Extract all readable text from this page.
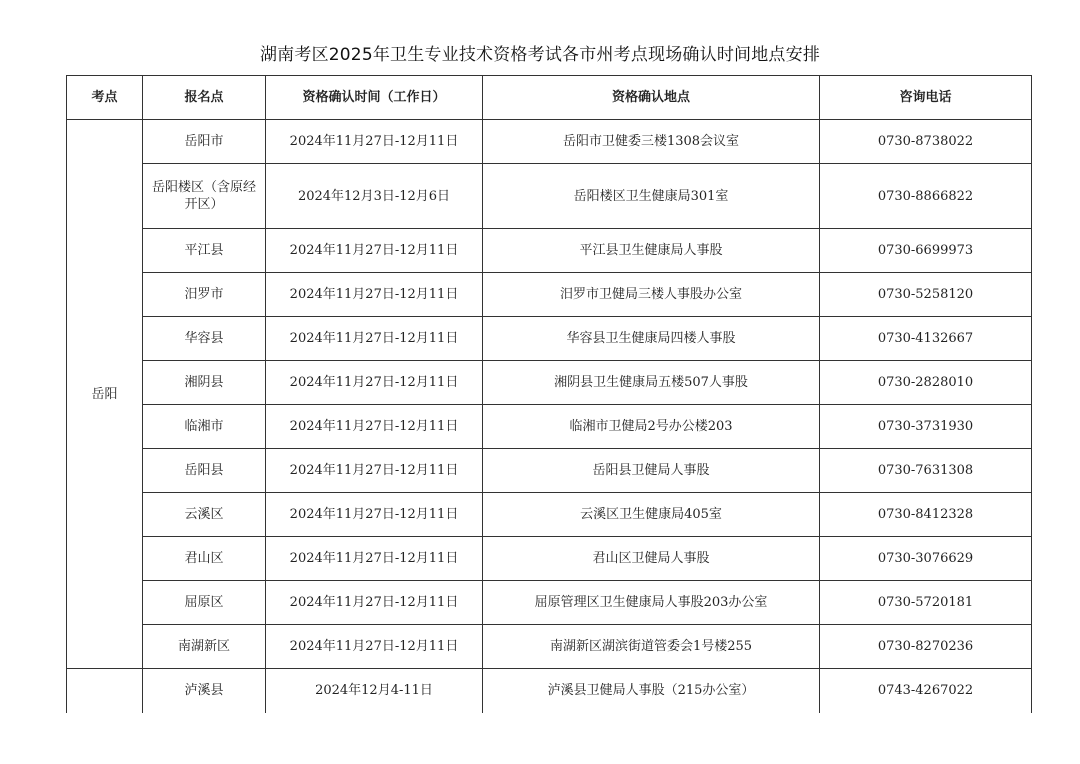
湖南考区2025年卫生专业技术资格考试各市州考点现场确认时间地点安排
考点	报名点	资格确认时间（工作日）	资格确认地点	咨询电话
岳阳	岳阳市	2024年11月27日-12月11日	岳阳市卫健委三楼1308会议室	0730-8738022
	岳阳楼区（含原经开区）	2024年12月3日-12月6日	岳阳楼区卫生健康局301室	0730-8866822
	平江县	2024年11月27日-12月11日	平江县卫生健康局人事股	0730-6699973
	汨罗市	2024年11月27日-12月11日	汨罗市卫健局三楼人事股办公室	0730-5258120
	华容县	2024年11月27日-12月11日	华容县卫生健康局四楼人事股	0730-4132667
	湘阴县	2024年11月27日-12月11日	湘阴县卫生健康局五楼507人事股	0730-2828010
	临湘市	2024年11月27日-12月11日	临湘市卫健局2号办公楼203	0730-3731930
	岳阳县	2024年11月27日-12月11日	岳阳县卫健局人事股	0730-7631308
	云溪区	2024年11月27日-12月11日	云溪区卫生健康局405室	0730-8412328
	君山区	2024年11月27日-12月11日	君山区卫健局人事股	0730-3076629
	屈原区	2024年11月27日-12月11日	屈原管理区卫生健康局人事股203办公室	0730-5720181
	南湖新区	2024年11月27日-12月11日	南湖新区湖滨街道管委会1号楼255	0730-8270236
	泸溪县	2024年12月4-11日	泸溪县卫健局人事股（215办公室）	0743-4267022
